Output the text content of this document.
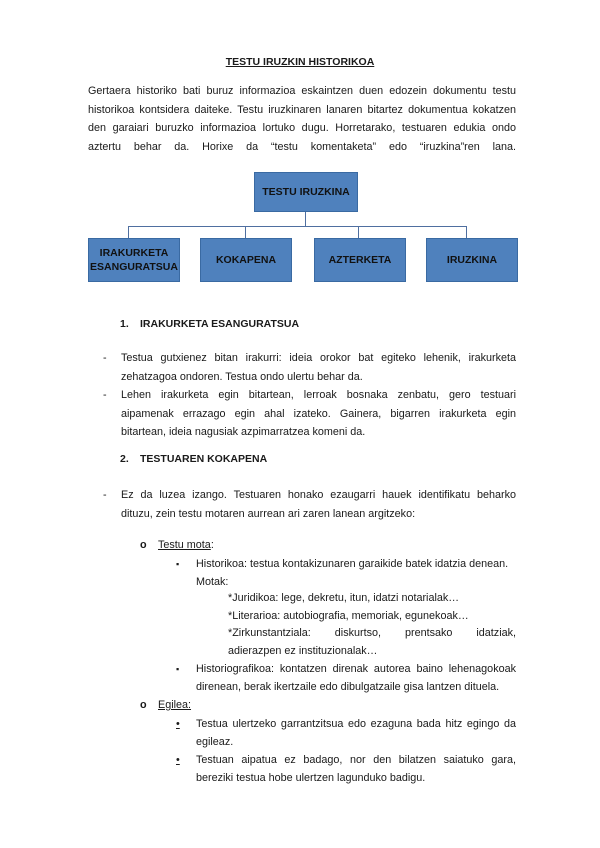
TESTU IRUZKIN HISTORIKOA
Gertaera historiko bati buruz informazioa eskaintzen duen edozein dokumentu testu
historikoa kontsidera daiteke. Testu iruzkinaren lanaren bitartez dokumentua kokatzen
den garaiari buruzko informazioa lortuko dugu. Horretarako, testuaren edukia ondo
aztertu behar da. Horixe da “testu komentaketa” edo “iruzkina”ren lana.
TESTU IRUZKINA
IRAKURKETA
ESANGURATSUA
KOKAPENA	AZTERKETA	IRUZKINA
1. IRAKURKETA ESANGURATSUA
- Testua gutxienez bitan irakurri: ideia orokor bat egiteko lehenik, irakurketa
zehatzagoa ondoren. Testua ondo ulertu behar da.
- Lehen irakurketa egin bitartean, lerroak bosnaka zenbatu, gero testuari
aipamenak errazago egin ahal izateko. Gainera, bigarren irakurketa egin
bitartean, ideia nagusiak azpimarratzea komeni da.
2. TESTUAREN KOKAPENA
- Ez da luzea izango. Testuaren honako ezaugarri hauek identifikatu beharko
dituzu, zein testu motaren aurrean ari zaren lanean argitzeko:
o Testu mota:
▪ Historikoa: testua kontakizunaren garaikide batek idatzia denean.
Motak:
*Juridikoa: lege, dekretu, itun, idatzi notarialak…
*Literarioa: autobiografia, memoriak, egunekoak…
*Zirkunstantziala: diskurtso, prentsako idatziak,
adierazpen ez instituzionalak…
▪ Historiografikoa: kontatzen direnak autorea baino lehenagokoak
direnean, berak ikertzaile edo dibulgatzaile gisa lantzen dituela.
o Egilea:
•	Testua ulertzeko garrantzitsua edo ezaguna bada hitz egingo da
egileaz.
•	Testuan aipatua ez badago, nor den bilatzen saiatuko gara,
bereziki testua hobe ulertzen lagunduko badigu.
